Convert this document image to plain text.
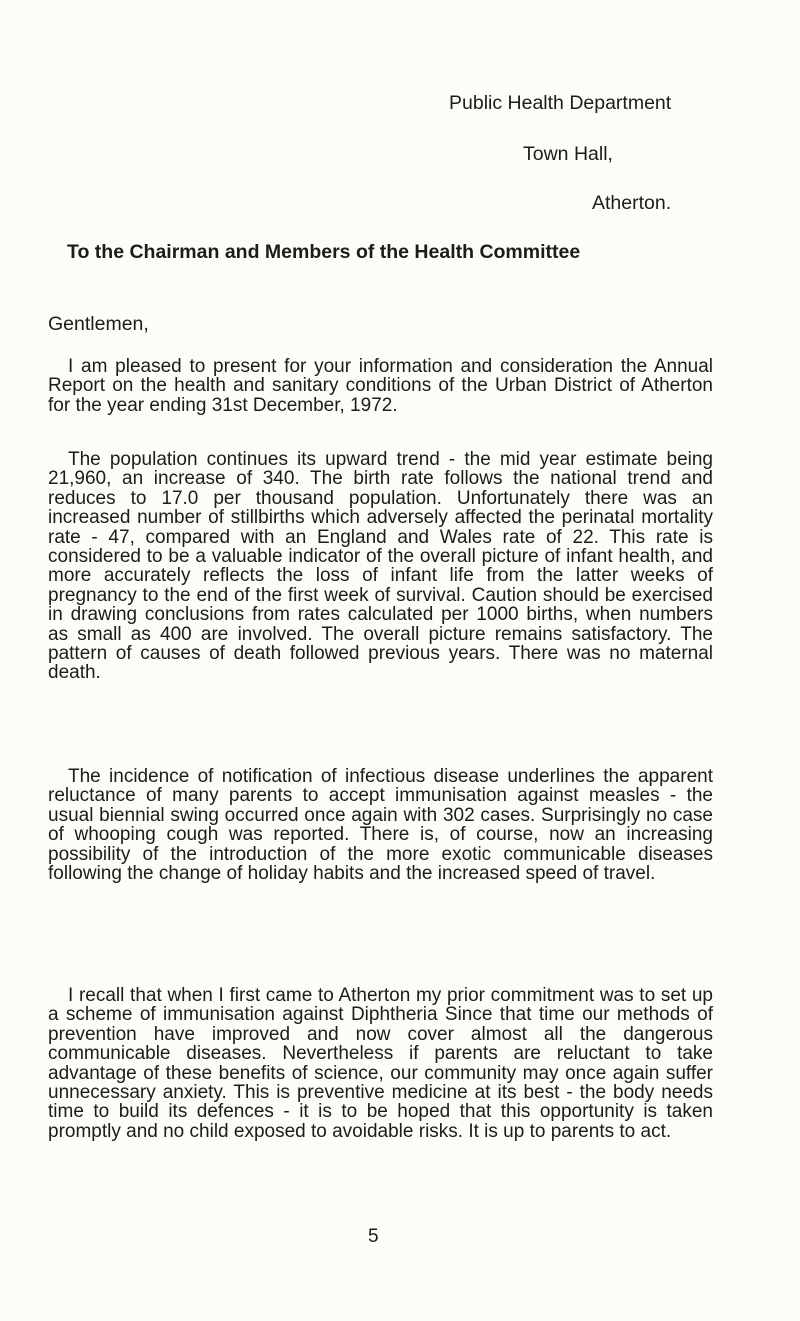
Public Health Department
Town Hall,
Atherton.
To the Chairman and Members of the Health Committee
Gentlemen,

I am pleased to present for your information and consideration the Annual Report on the health and sanitary conditions of the Urban District of Atherton for the year ending 31st December, 1972.

The population continues its upward trend - the mid year estimate being 21,960, an increase of 340. The birth rate follows the national trend and reduces to 17.0 per thousand population. Unfortunately there was an increased number of stillbirths which adversely affected the perinatal mortality rate - 47, compared with an England and Wales rate of 22. This rate is considered to be a valuable indicator of the overall picture of infant health, and more accurately reflects the loss of infant life from the latter weeks of pregnancy to the end of the first week of survival. Caution should be exercised in drawing conclusions from rates calculated per 1000 births, when numbers as small as 400 are involved. The overall picture remains satisfactory. The pattern of causes of death followed previous years. There was no maternal death.

The incidence of notification of infectious disease underlines the apparent reluctance of many parents to accept immunisation against measles - the usual biennial swing occurred once again with 302 cases. Surprisingly no case of whooping cough was reported. There is, of course, now an increasing possibility of the introduction of the more exotic communicable diseases following the change of holiday habits and the increased speed of travel.

I recall that when I first came to Atherton my prior commitment was to set up a scheme of immunisation against Diphtheria Since that time our methods of prevention have improved and now cover almost all the dangerous communicable diseases. Nevertheless if parents are reluctant to take advantage of these benefits of science, our community may once again suffer unnecessary anxiety. This is preventive medicine at its best - the body needs time to build its defences - it is to be hoped that this opportunity is taken promptly and no child exposed to avoidable risks. It is up to parents to act.

5
